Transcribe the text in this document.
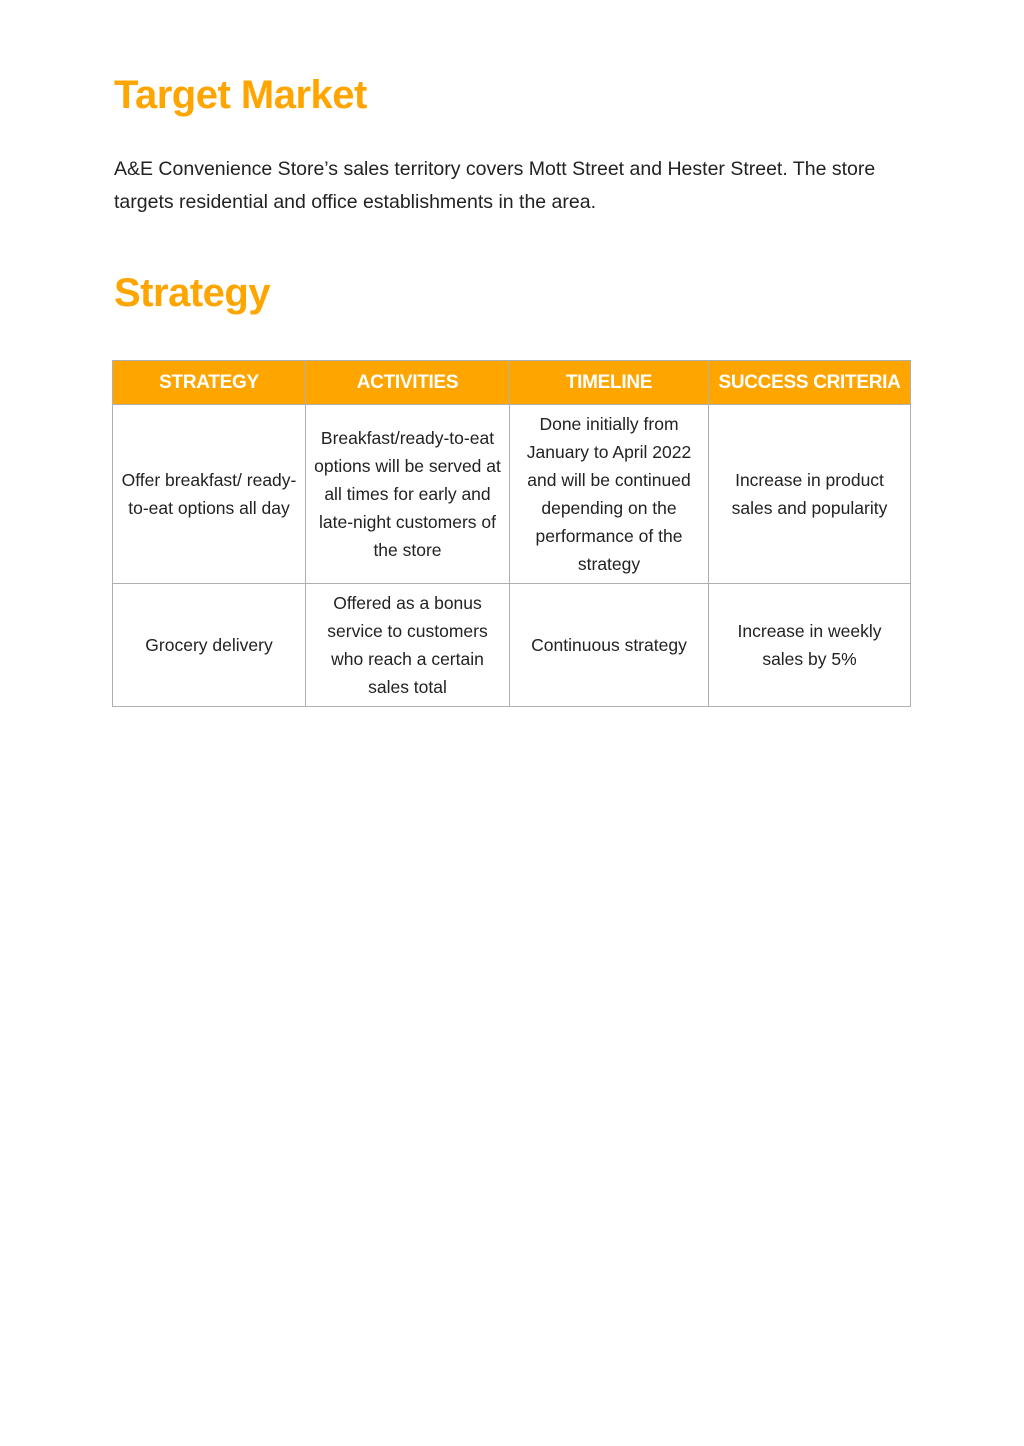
Target Market

A&E Convenience Store’s sales territory covers Mott Street and Hester Street. The store targets residential and office establishments in the area.

Strategy
STRATEGY	ACTIVITIES	TIMELINE	SUCCESS CRITERIA
Offer breakfast/ ready-to-eat options all day	Breakfast/ready-to-eat options will be served at all times for early and late-night customers of the store	Done initially from January to April 2022 and will be continued depending on the performance of the strategy	Increase in product sales and popularity
Grocery delivery	Offered as a bonus service to customers who reach a certain sales total	Continuous strategy	Increase in weekly sales by 5%
